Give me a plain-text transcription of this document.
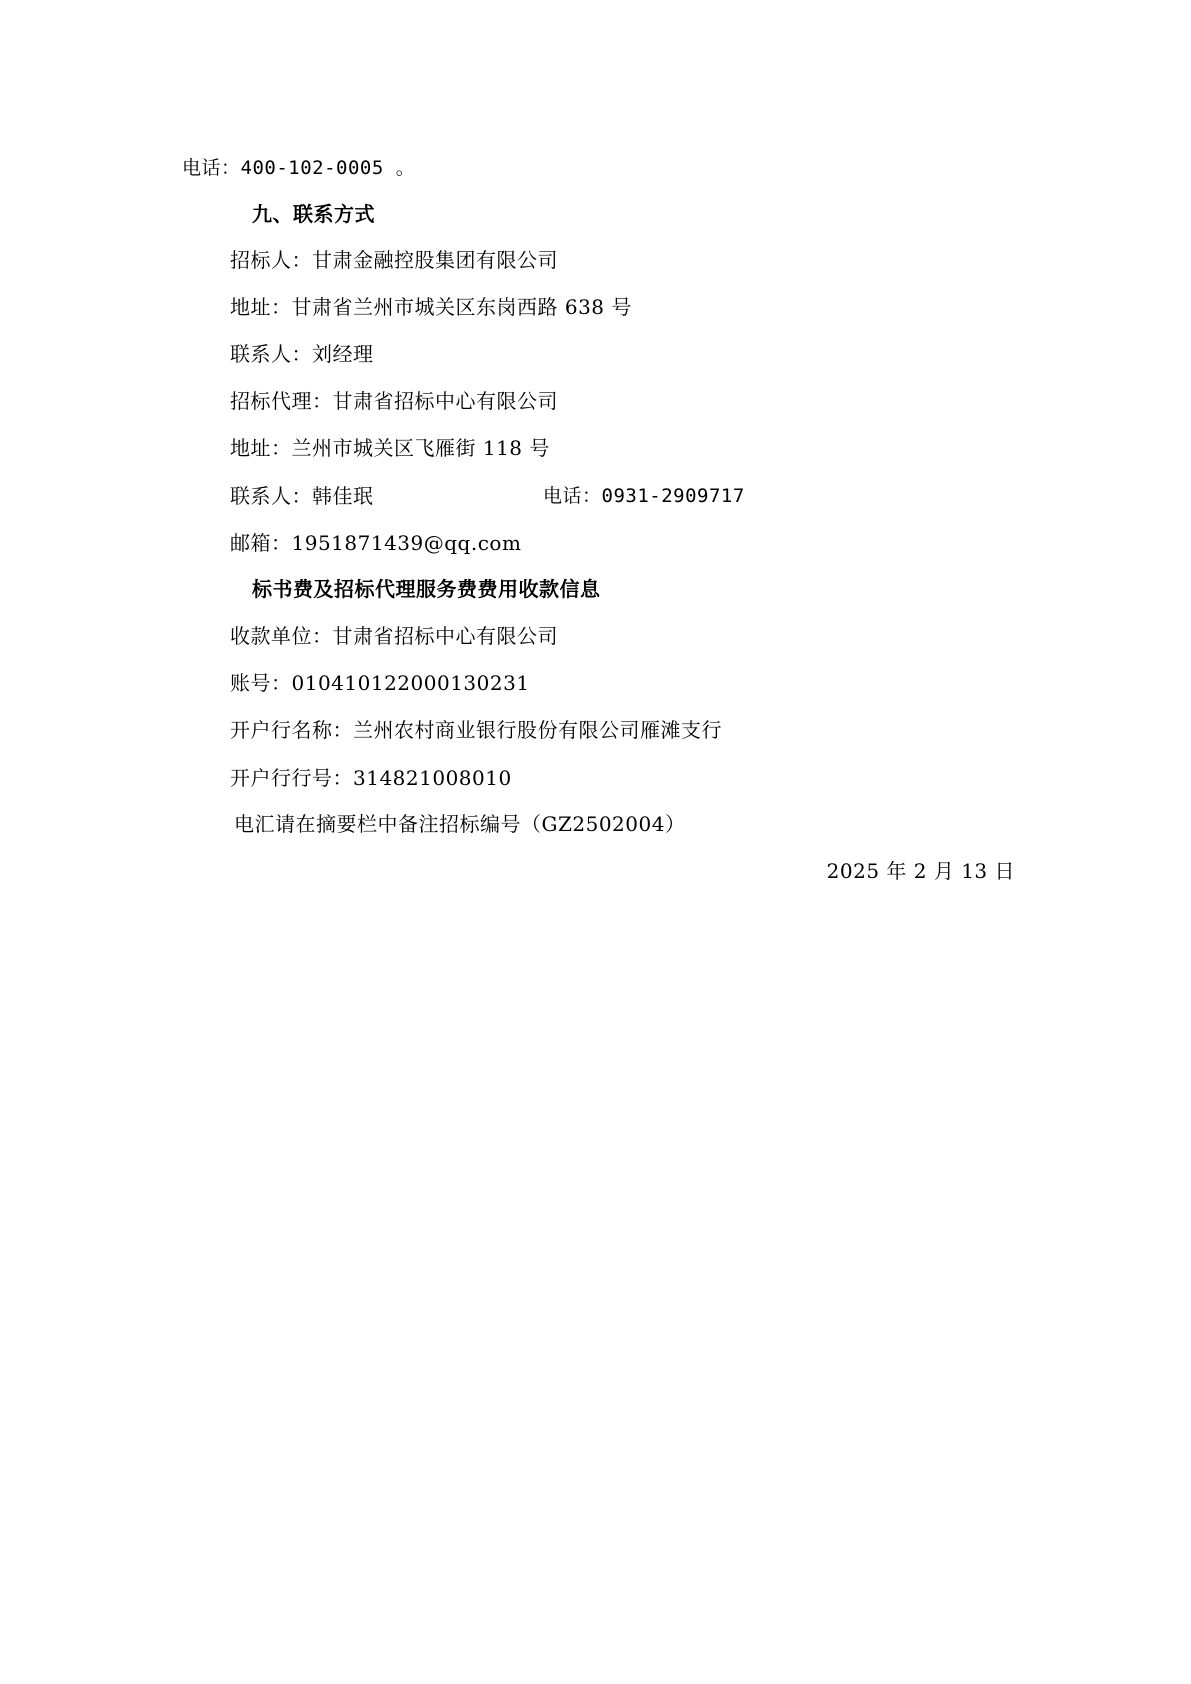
电话：400-102-0005 。
九、联系方式
招标人：甘肃金融控股集团有限公司
地址：甘肃省兰州市城关区东岗西路 638 号
联系人：刘经理
招标代理：甘肃省招标中心有限公司
地址：兰州市城关区飞雁街 118 号
联系人：韩佳珉	电话：0931-2909717
邮箱：1951871439@qq.com
标书费及招标代理服务费费用收款信息
收款单位：甘肃省招标中心有限公司
账号：010410122000130231
开户行名称：兰州农村商业银行股份有限公司雁滩支行
开户行行号：314821008010
电汇请在摘要栏中备注招标编号（GZ2502004）
2025 年 2 月 13 日
